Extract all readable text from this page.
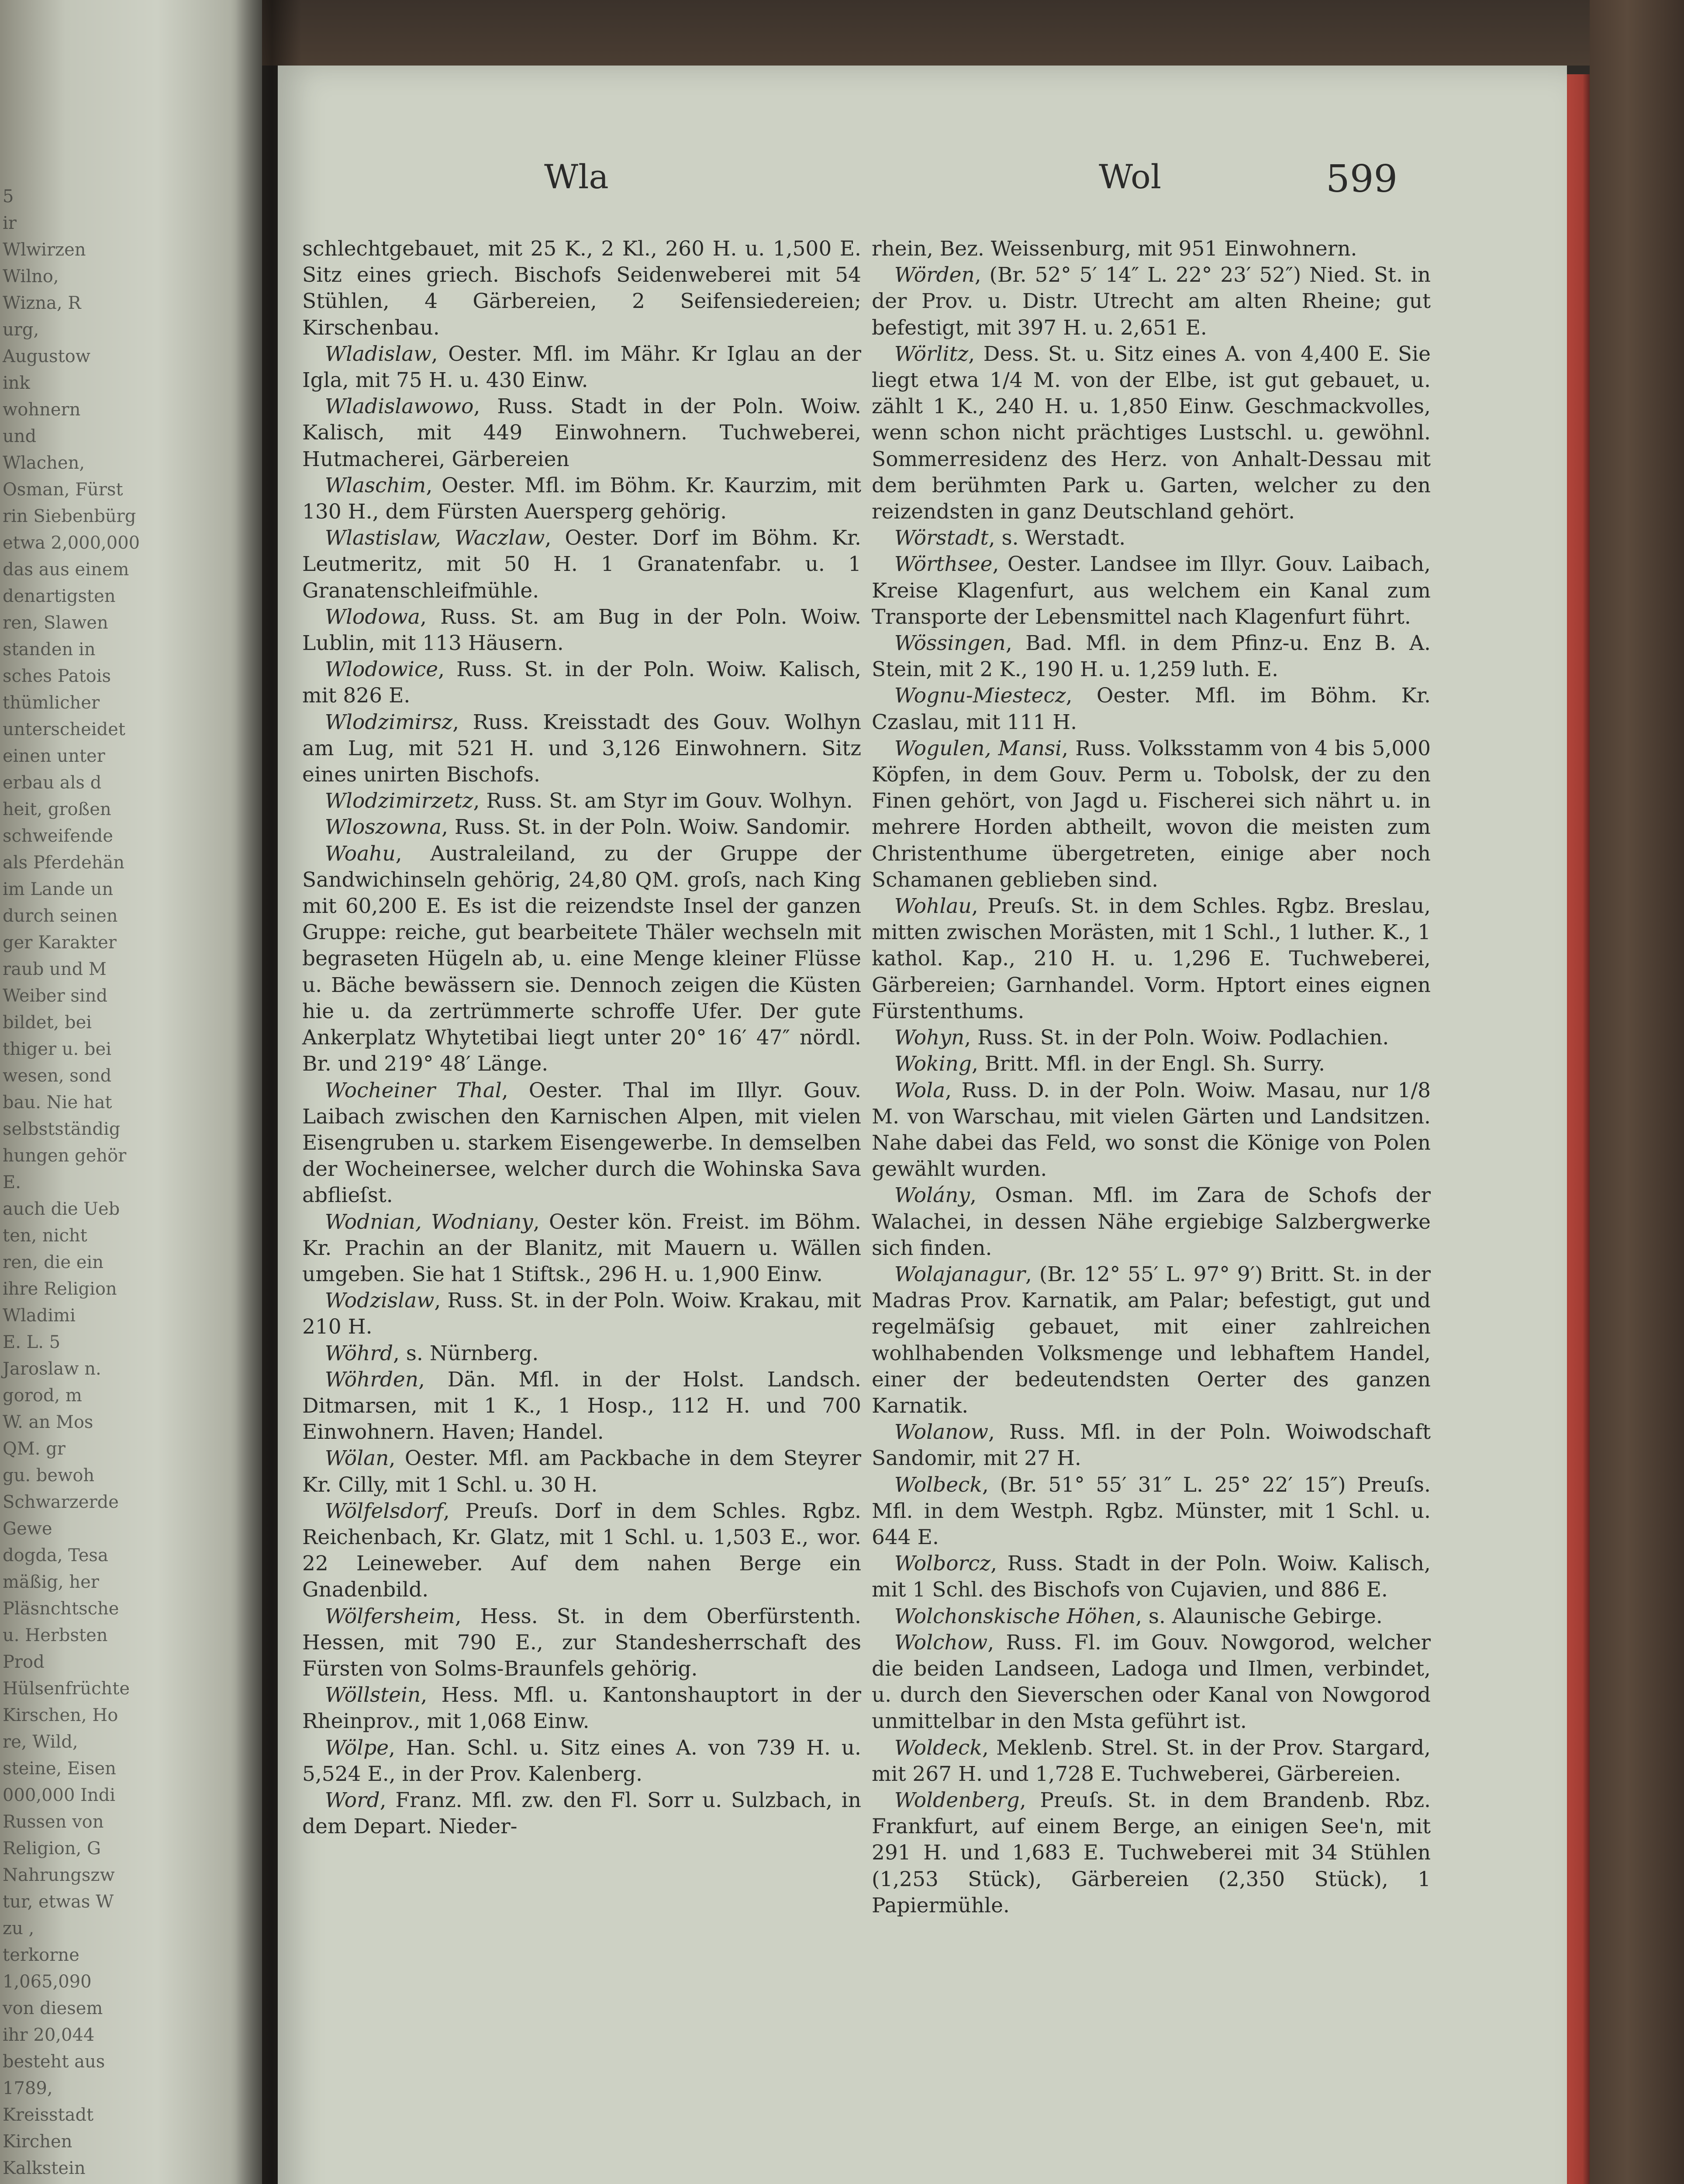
5
ir
Wlwirzen
Wilno,
Wizna, R
urg,
Augustow
ink
wohnern
und
Wlachen,
Osman, Fürst
rin Siebenbürg
etwa 2,000,000
das aus einem
denartigsten
ren, Slawen
standen in
sches Patois
thümlicher
unterscheidet
einen unter
erbau als d
heit, großen
schweifende
als Pferdehän
im Lande un
durch seinen
ger Karakter
raub und M
Weiber sind
bildet, bei
thiger u. bei
wesen, sond
bau. Nie hat
selbstständig
hungen gehör
E.
auch die Ueb
ten, nicht
ren, die ein
ihre Religion
Wladimi
E. L. 5
Jaroslaw n.
gorod, m
W. an Mos
QM. gr
gu. bewoh
Schwarzerde
Gewe
dogda, Tesa
mäßig, her
Pläsnchtsche
u. Herbsten
Prod
Hülsenfrüchte
Kirschen, Ho
re, Wild,
steine, Eisen
000,000 Indi
Russen von
Religion, G
Nahrungszw
tur, etwas W
zu ,
terkorne
1,065,090
von diesem
ihr 20,044
besteht aus
1789,
Kreisstadt
Kirchen
Kalkstein
Wla	Wol	599

schlechtgebauet, mit 25 K., 2 Kl., 260 H. u. 1,500 E. Sitz eines griech. Bischofs Seidenweberei mit 54 Stühlen, 4 Gärbereien, 2 Seifensiedereien; Kirschenbau.

Wladislaw, Oester. Mfl. im Mähr. Kr Iglau an der Igla, mit 75 H. u. 430 Einw.

Wladislawowo, Russ. Stadt in der Poln. Woiw. Kalisch, mit 449 Einwohnern. Tuchweberei, Hutmacherei, Gärbereien

Wlaschim, Oester. Mfl. im Böhm. Kr. Kaurzim, mit 130 H., dem Fürsten Auersperg gehörig.

Wlastislaw, Waczlaw, Oester. Dorf im Böhm. Kr. Leutmeritz, mit 50 H. 1 Granatenfabr. u. 1 Granatenschleifmühle.

Wlodowa, Russ. St. am Bug in der Poln. Woiw. Lublin, mit 113 Häusern.

Wlodowice, Russ. St. in der Poln. Woiw. Kalisch, mit 826 E.

Wlodzimirsz, Russ. Kreisstadt des Gouv. Wolhyn am Lug, mit 521 H. und 3,126 Einwohnern. Sitz eines unirten Bischofs.

Wlodzimirzetz, Russ. St. am Styr im Gouv. Wolhyn.

Wloszowna, Russ. St. in der Poln. Woiw. Sandomir.

Woahu, Australeiland, zu der Gruppe der Sandwichinseln gehörig, 24,80 QM. groſs, nach King mit 60,200 E. Es ist die reizendste Insel der ganzen Gruppe: reiche, gut bearbeitete Thäler wechseln mit begraseten Hügeln ab, u. eine Menge kleiner Flüsse u. Bäche bewässern sie. Dennoch zeigen die Küsten hie u. da zertrümmerte schroffe Ufer. Der gute Ankerplatz Whytetibai liegt unter 20° 16′ 47″ nördl. Br. und 219° 48′ Länge.

Wocheiner Thal, Oester. Thal im Illyr. Gouv. Laibach zwischen den Karnischen Alpen, mit vielen Eisengruben u. starkem Eisengewerbe. In demselben der Wocheinersee, welcher durch die Wohinska Sava abflieſst.

Wodnian, Wodniany, Oester kön. Freist. im Böhm. Kr. Prachin an der Blanitz, mit Mauern u. Wällen umgeben. Sie hat 1 Stiftsk., 296 H. u. 1,900 Einw.

Wodzislaw, Russ. St. in der Poln. Woiw. Krakau, mit 210 H.

Wöhrd, s. Nürnberg.

Wöhrden, Dän. Mfl. in der Holst. Landsch. Ditmarsen, mit 1 K., 1 Hosp., 112 H. und 700 Einwohnern. Haven; Handel.

Wölan, Oester. Mfl. am Packbache in dem Steyrer Kr. Cilly, mit 1 Schl. u. 30 H.

Wölfelsdorf, Preuſs. Dorf in dem Schles. Rgbz. Reichenbach, Kr. Glatz, mit 1 Schl. u. 1,503 E., wor. 22 Leineweber. Auf dem nahen Berge ein Gnadenbild.

Wölfersheim, Hess. St. in dem Oberfürstenth. Hessen, mit 790 E., zur Standesherrschaft des Fürsten von Solms-Braunfels gehörig.

Wöllstein, Hess. Mfl. u. Kantonshauptort in der Rheinprov., mit 1,068 Einw.

Wölpe, Han. Schl. u. Sitz eines A. von 739 H. u. 5,524 E., in der Prov. Kalenberg.

Word, Franz. Mfl. zw. den Fl. Sorr u. Sulzbach, in dem Depart. Nieder-

rhein, Bez. Weissenburg, mit 951 Einwohnern.

Wörden, (Br. 52° 5′ 14″ L. 22° 23′ 52″) Nied. St. in der Prov. u. Distr. Utrecht am alten Rheine; gut befestigt, mit 397 H. u. 2,651 E.

Wörlitz, Dess. St. u. Sitz eines A. von 4,400 E. Sie liegt etwa 1/4 M. von der Elbe, ist gut gebauet, u. zählt 1 K., 240 H. u. 1,850 Einw. Geschmackvolles, wenn schon nicht prächtiges Lustschl. u. gewöhnl. Sommerresidenz des Herz. von Anhalt-Dessau mit dem berühmten Park u. Garten, welcher zu den reizendsten in ganz Deutschland gehört.

Wörstadt, s. Werstadt.

Wörthsee, Oester. Landsee im Illyr. Gouv. Laibach, Kreise Klagenfurt, aus welchem ein Kanal zum Transporte der Lebensmittel nach Klagenfurt führt.

Wössingen, Bad. Mfl. in dem Pfinz-u. Enz B. A. Stein, mit 2 K., 190 H. u. 1,259 luth. E.

Wognu-Miestecz, Oester. Mfl. im Böhm. Kr. Czaslau, mit 111 H.

Wogulen, Mansi, Russ. Volksstamm von 4 bis 5,000 Köpfen, in dem Gouv. Perm u. Tobolsk, der zu den Finen gehört, von Jagd u. Fischerei sich nährt u. in mehrere Horden abtheilt, wovon die meisten zum Christenthume übergetreten, einige aber noch Schamanen geblieben sind.

Wohlau, Preuſs. St. in dem Schles. Rgbz. Breslau, mitten zwischen Morästen, mit 1 Schl., 1 luther. K., 1 kathol. Kap., 210 H. u. 1,296 E. Tuchweberei, Gärbereien; Garnhandel. Vorm. Hptort eines eignen Fürstenthums.

Wohyn, Russ. St. in der Poln. Woiw. Podlachien.

Woking, Britt. Mfl. in der Engl. Sh. Surry.

Wola, Russ. D. in der Poln. Woiw. Masau, nur 1/8 M. von Warschau, mit vielen Gärten und Landsitzen. Nahe dabei das Feld, wo sonst die Könige von Polen gewählt wurden.

Wolány, Osman. Mfl. im Zara de Schofs der Walachei, in dessen Nähe ergiebige Salzbergwerke sich finden.

Wolajanagur, (Br. 12° 55′ L. 97° 9′) Britt. St. in der Madras Prov. Karnatik, am Palar; befestigt, gut und regelmäſsig gebauet, mit einer zahlreichen wohlhabenden Volksmenge und lebhaftem Handel, einer der bedeutendsten Oerter des ganzen Karnatik.

Wolanow, Russ. Mfl. in der Poln. Woiwodschaft Sandomir, mit 27 H.

Wolbeck, (Br. 51° 55′ 31″ L. 25° 22′ 15″) Preuſs. Mfl. in dem Westph. Rgbz. Münster, mit 1 Schl. u. 644 E.

Wolborcz, Russ. Stadt in der Poln. Woiw. Kalisch, mit 1 Schl. des Bischofs von Cujavien, und 886 E.

Wolchonskische Höhen, s. Alaunische Gebirge.

Wolchow, Russ. Fl. im Gouv. Nowgorod, welcher die beiden Landseen, Ladoga und Ilmen, verbindet, u. durch den Sieverschen oder Kanal von Nowgorod unmittelbar in den Msta geführt ist.

Woldeck, Meklenb. Strel. St. in der Prov. Stargard, mit 267 H. und 1,728 E. Tuchweberei, Gärbereien.

Woldenberg, Preuſs. St. in dem Brandenb. Rbz. Frankfurt, auf einem Berge, an einigen See'n, mit 291 H. und 1,683 E. Tuchweberei mit 34 Stühlen (1,253 Stück), Gärbereien (2,350 Stück), 1 Papiermühle.
